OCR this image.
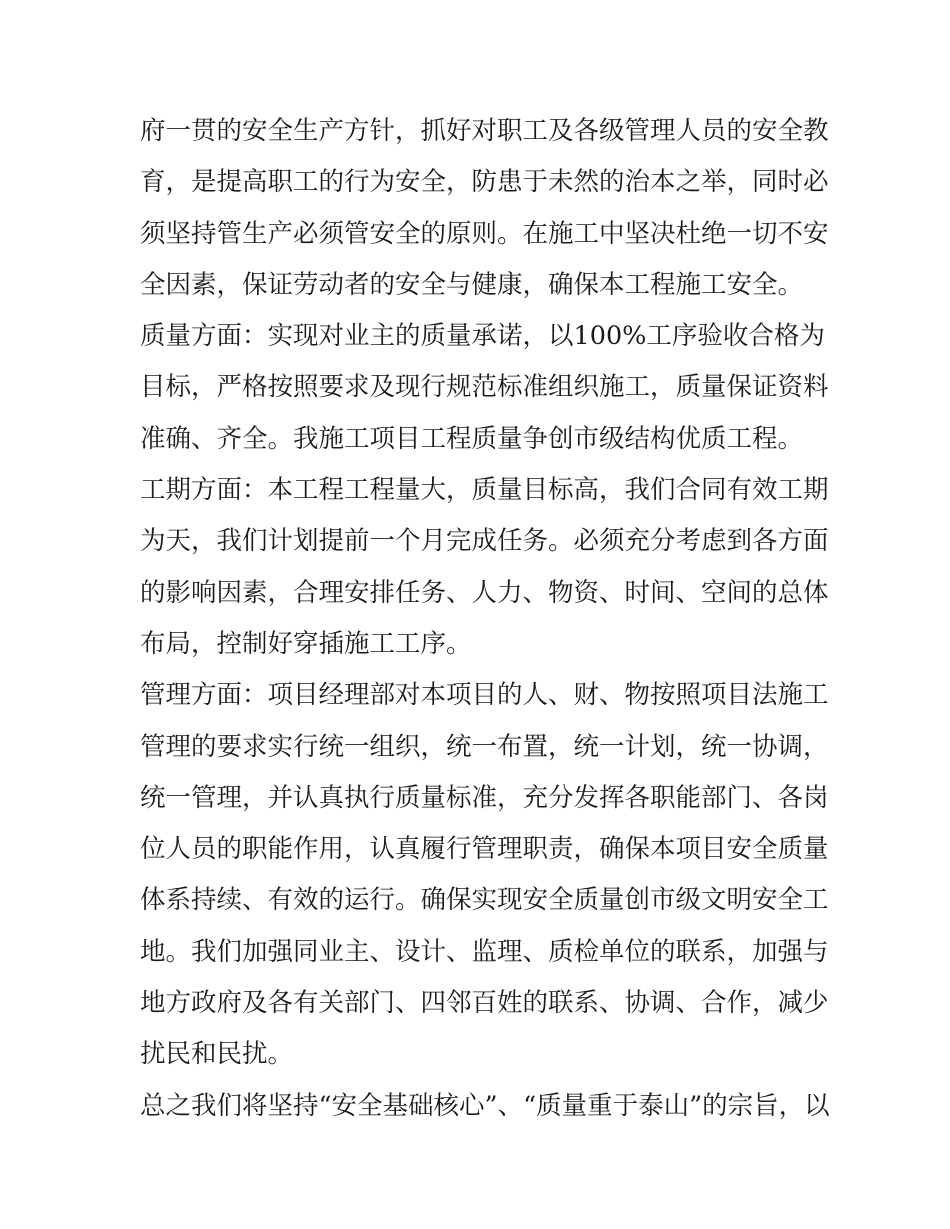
府一贯的安全生产方针，抓好对职工及各级管理人员的安全教
育，是提高职工的行为安全，防患于未然的治本之举，同时必
须坚持管生产必须管安全的原则。在施工中坚决杜绝一切不安
全因素，保证劳动者的安全与健康，确保本工程施工安全。

质量方面：实现对业主的质量承诺，以100%工序验收合格为
目标，严格按照要求及现行规范标准组织施工，质量保证资料
准确、齐全。我施工项目工程质量争创市级结构优质工程。

工期方面：本工程工程量大，质量目标高，我们合同有效工期
为天，我们计划提前一个月完成任务。必须充分考虑到各方面
的影响因素，合理安排任务、人力、物资、时间、空间的总体
布局，控制好穿插施工工序。

管理方面：项目经理部对本项目的人、财、物按照项目法施工
管理的要求实行统一组织，统一布置，统一计划，统一协调，
统一管理，并认真执行质量标准，充分发挥各职能部门、各岗
位人员的职能作用，认真履行管理职责，确保本项目安全质量
体系持续、有效的运行。确保实现安全质量创市级文明安全工
地。我们加强同业主、设计、监理、质检单位的联系，加强与
地方政府及各有关部门、四邻百姓的联系、协调、合作，减少
扰民和民扰。

总之我们将坚持“安全基础核心”、“质量重于泰山”的宗旨，以
